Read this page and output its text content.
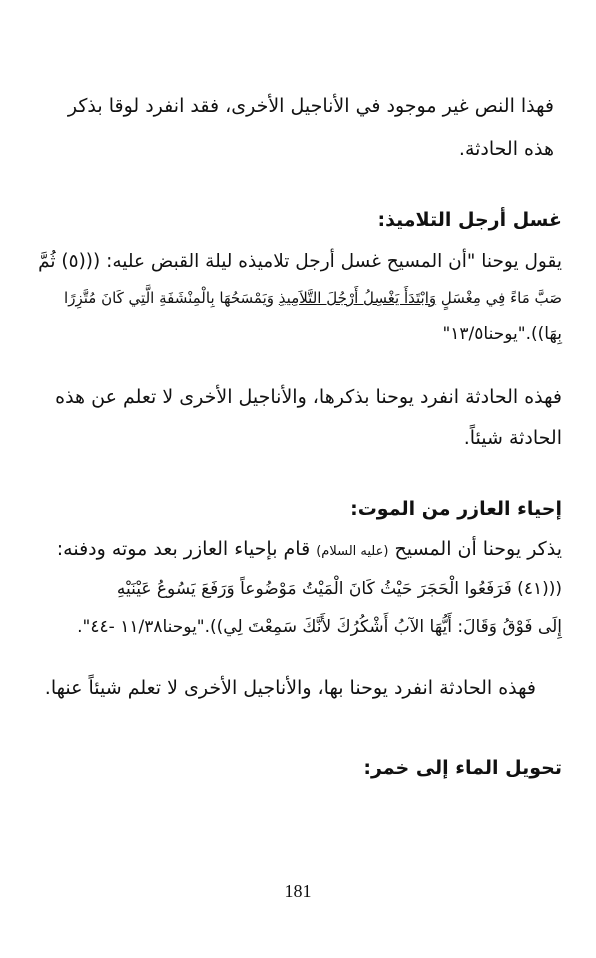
فهذا النص غير موجود في الأناجيل الأخرى، فقد انفرد لوقا بذكر
هذه الحادثة.
غسل أرجل التلاميذ:
يقول يوحنا "أن المسيح غسل أرجل تلاميذه ليلة القبض عليه: ((‏(٥) ثُمَّ
صَبَّ مَاءً فِي مِغْسَلٍ وَابْتَدَأَ يَغْسِلُ أَرْجُلَ التَّلاَمِيذِ وَيَمْسَحُهَا بِالْمِنْشَفَةِ الَّتِي كَانَ مُتَّزِرًا
بِهَا))."يوحنا١٣/٥"
فهذه الحادثة انفرد يوحنا بذكرها، والأناجيل الأخرى لا تعلم عن هذه
الحادثة شيئاً.
إحياء العازر من الموت:
يذكر يوحنا أن المسيح (عليه السلام) قام بإحياء العازر بعد موته ودفنه:
(((٤١) فَرَفَعُوا الْحَجَرَ حَيْثُ كَانَ الْمَيْتُ مَوْضُوعاً وَرَفَعَ يَسُوعُ عَيْنَيْهِ
إِلَى فَوْقُ وَقَالَ: أَيُّهَا الآبُ أَشْكُرُكَ لأَنَّكَ سَمِعْتَ لِي))."يوحنا١١/٣٨ -٤٤".
فهذه الحادثة انفرد يوحنا بها، والأناجيل الأخرى لا تعلم شيئاً عنها.
تحويل الماء إلى خمر:
181
